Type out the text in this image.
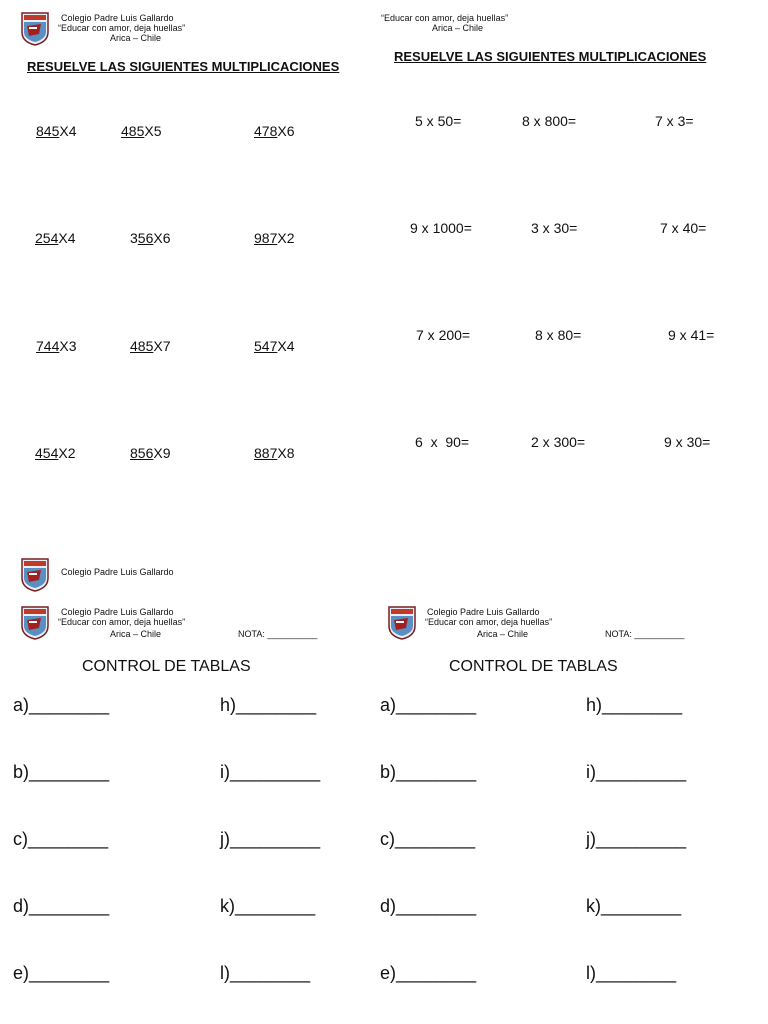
Colegio Padre Luis Gallardo
“Educar con amor, deja huellas”
Arica – Chile
RESUELVE LAS SIGUIENTES MULTIPLICACIONES
“Educar con amor, deja huellas”
Arica – Chile
RESUELVE LAS SIGUIENTES MULTIPLICACIONES
845X4	485X5	478X6
254X4	356X6	987X2
744X3	485X7	547X4
454X2	856X9	887X8
5 x 50=	8 x 800=	7 x 3=
9 x 1000=	3 x 30=	7 x 40=
7 x 200=	8 x 80=	9 x 41=
6  x  90=	2 x 300=	9 x 30=
Colegio Padre Luis Gallardo
Colegio Padre Luis Gallardo
“Educar con amor, deja huellas”
Arica – Chile	NOTA: __________
CONTROL DE TABLAS
Colegio Padre Luis Gallardo
“Educar con amor, deja huellas”
Arica – Chile	NOTA: __________
CONTROL DE TABLAS
a)________
b)________
c)________
d)________
e)________
h)________
i)_________
j)_________
k)________
l)________
a)________
b)________
c)________
d)________
e)________
h)________
i)_________
j)_________
k)________
l)________
